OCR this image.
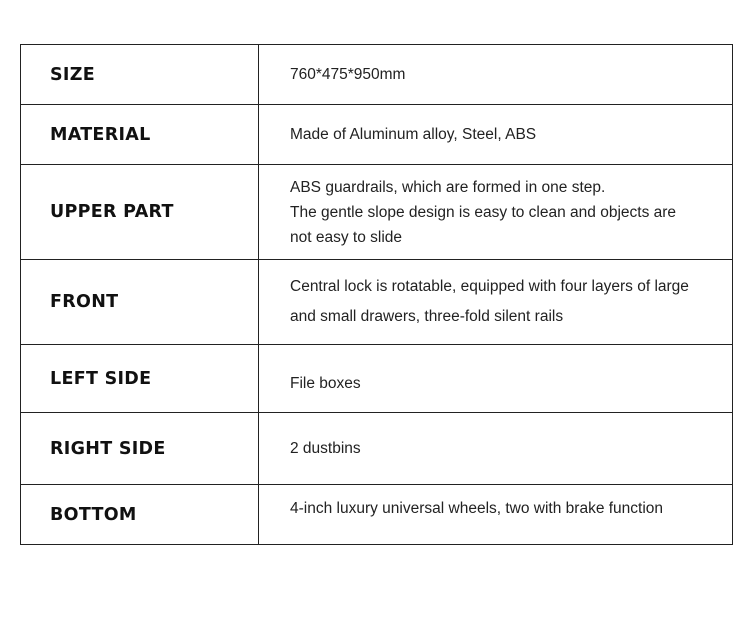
SIZE	760*475*950mm

MATERIAL	Made of Aluminum alloy, Steel, ABS

UPPER PART	ABS guardrails, which are formed in one step.
The gentle slope design is easy to clean and objects are
not easy to slide

FRONT	Central lock is rotatable, equipped with four layers of large
and small drawers, three-fold silent rails

LEFT SIDE	File boxes

RIGHT SIDE	2 dustbins

BOTTOM	4-inch luxury universal wheels, two with brake function
